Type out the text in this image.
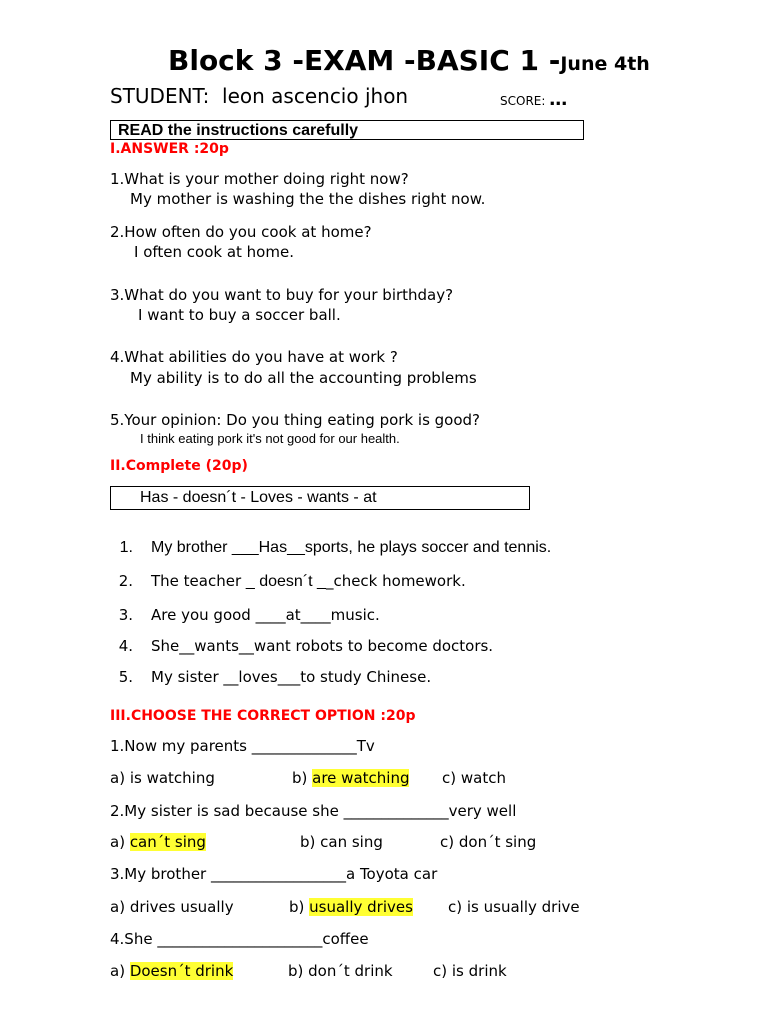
Block 3 -EXAM -BASIC 1 -June 4th
STUDENT: leon ascencio jhon	SCORE: …
READ the instructions carefully
I.ANSWER :20p
1.What is your mother doing right now?
My mother is washing the the dishes right now.
2.How often do you cook at home?
I often cook at home.
3.What do you want to buy for your birthday?
I want to buy a soccer ball.
4.What abilities do you have at work ?
My ability is to do all the accounting problems
5.Your opinion: Do you thing eating pork is good?
I think eating pork it's not good for our health.
II.Complete (20p)
Has - doesn´t - Loves - wants - at
1. My brother ___Has__sports, he plays soccer and tennis.
2. The teacher _ doesn´t __check homework.
3. Are you good ____at____music.
4. She__wants__want robots to become doctors.
5. My sister __loves___to study Chinese.
III.CHOOSE THE CORRECT OPTION :20p
1.Now my parents ______________Tv
a) is watching	b) are watching c) watch
2.My sister is sad because she ______________very well
a) can´t sing	b) can sing	c) don´t sing
3.My brother __________________a Toyota car
a) drives usually	b) usually drives c) is usually drive
4.She ______________________coffee
a) Doesn´t drink	b) don´t drink	c) is drink
